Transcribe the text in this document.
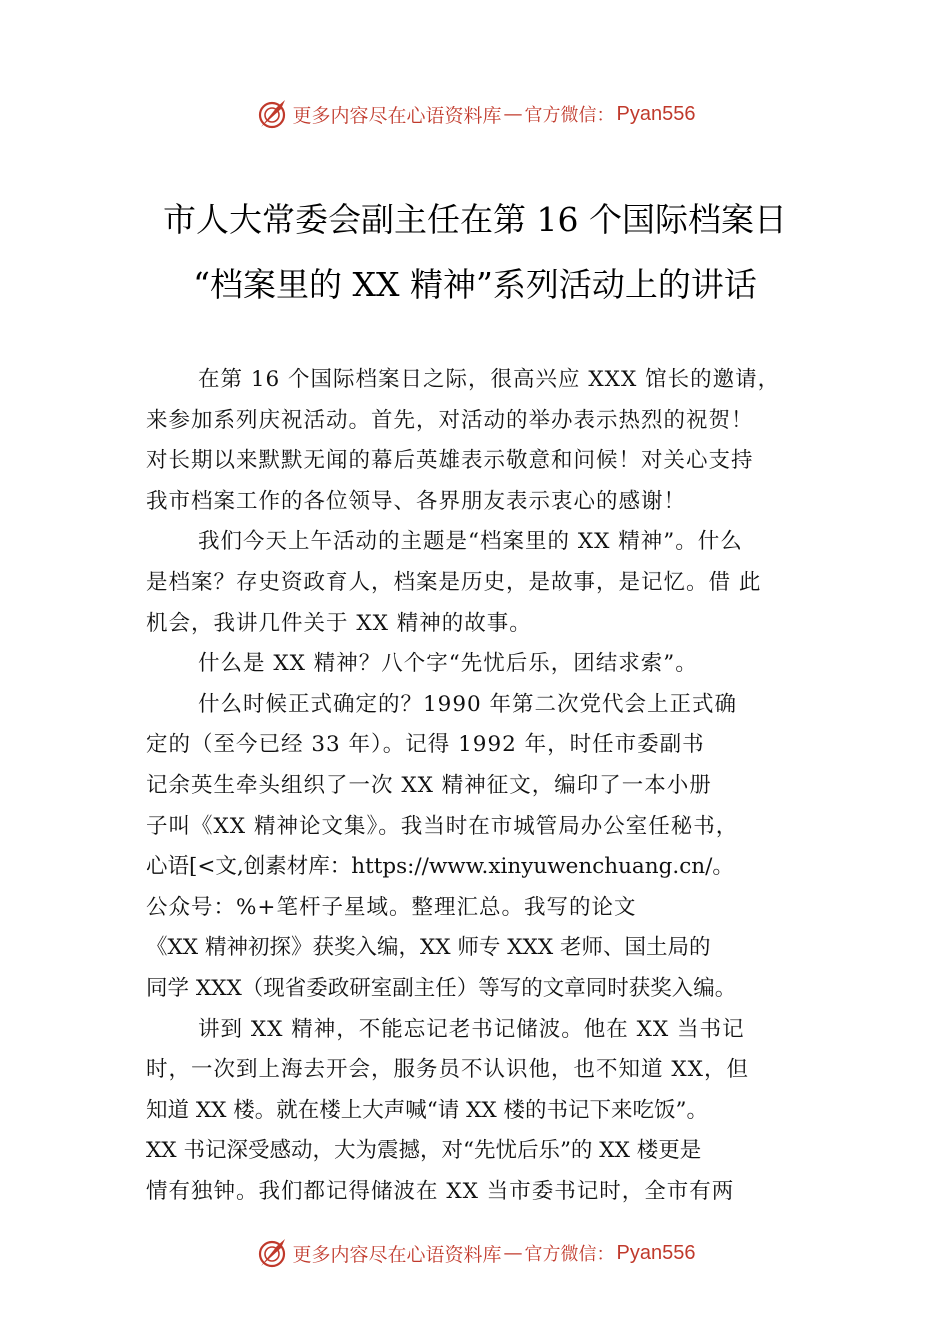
更多内容尽在心语资料库 — 官方微信： Pyan556
市人大常委会副主任在第 16 个国际档案日
“档案里的 XX 精神”系列活动上的讲话
在第 16 个国际档案日之际，很高兴应 XXX 馆长的邀请，
来参加系列庆祝活动。首先，对活动的举办表示热烈的祝贺！
对长期以来默默无闻的幕后英雄表示敬意和问候！对关心支持
我市档案工作的各位领导、各界朋友表示衷心的感谢！
我们今天上午活动的主题是“档案里的 XX 精神”。什么
是档案？存史资政育人，档案是历史，是故事，是记忆。借 此
机会，我讲几件关于 XX 精神的故事。
什么是 XX 精神？八个字“先忧后乐，团结求索”。
什么时候正式确定的？1990 年第二次党代会上正式确
定的（至今已经 33 年）。记得 1992 年，时任市委副书
记余英生牵头组织了一次 XX 精神征文，编印了一本小册
子叫《XX 精神论文集》。我当时在市城管局办公室任秘书，
心语[<文,创素材库：https://www.xinyuwenchuang.cn/。
公众号：%+笔杆子星域。整理汇总。我写的论文
《XX 精神初探》获奖入编，XX 师专 XXX 老师、国土局的
同学 XXX（现省委政研室副主任）等写的文章同时获奖入编。
讲到 XX 精神，不能忘记老书记储波。他在 XX 当书记
时，一次到上海去开会，服务员不认识他，也不知道 XX，但
知道 XX 楼。就在楼上大声喊“请 XX 楼的书记下来吃饭”。
XX 书记深受感动，大为震撼，对“先忧后乐”的 XX 楼更是
情有独钟。我们都记得储波在 XX 当市委书记时，全市有两
更多内容尽在心语资料库 — 官方微信： Pyan556
